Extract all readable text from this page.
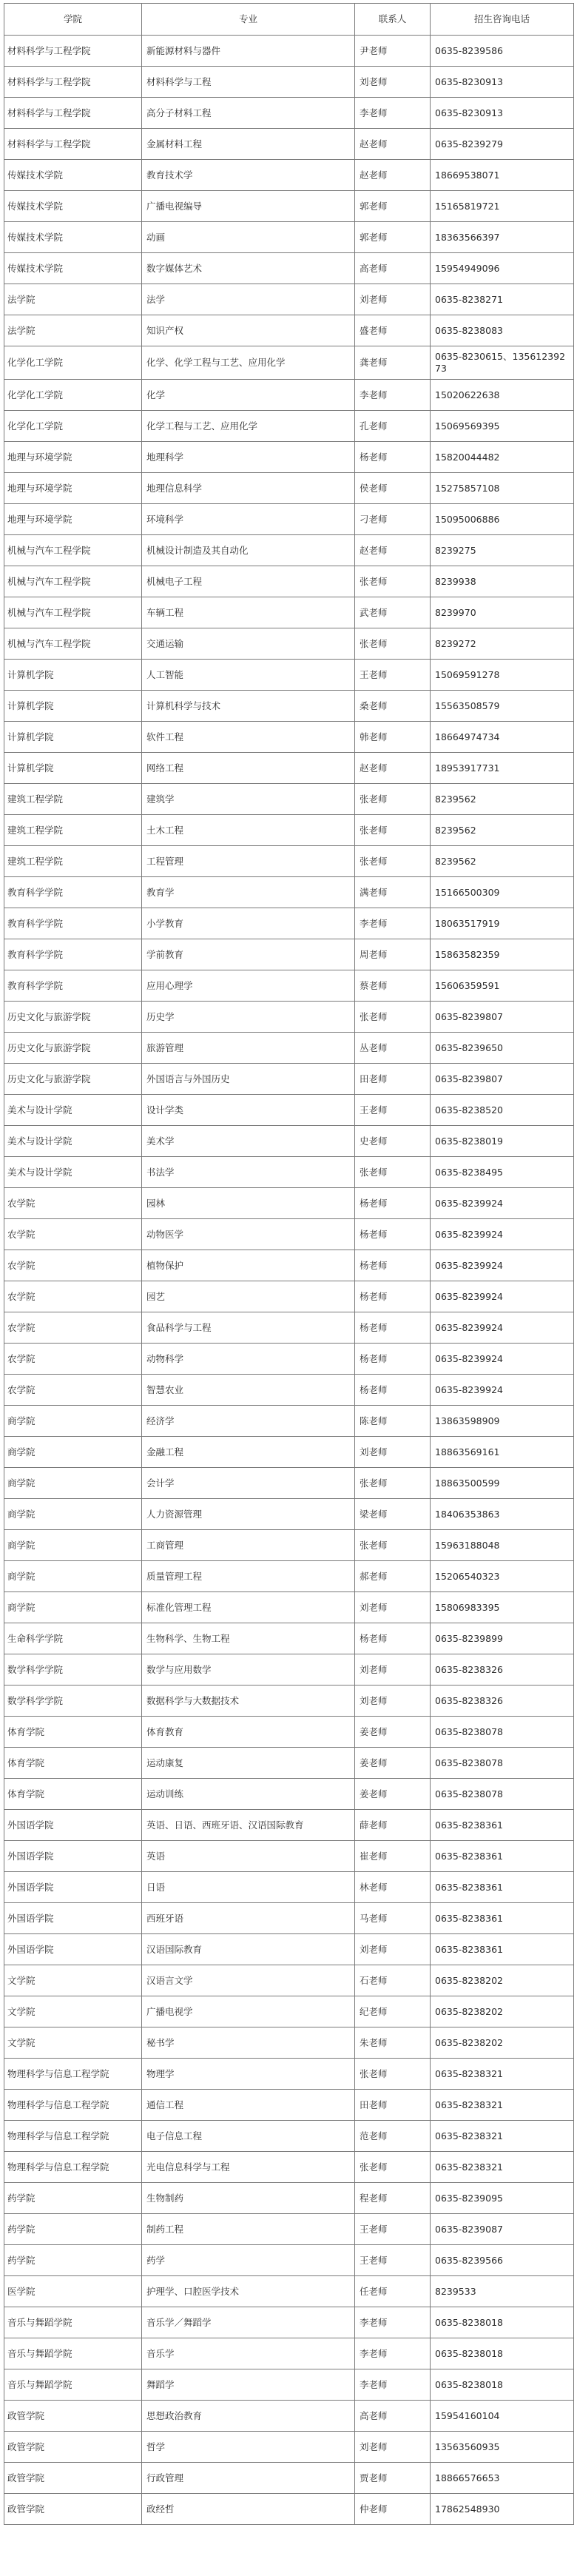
学院	专业	联系人	招生咨询电话
材料科学与工程学院	新能源材料与器件	尹老师	0635-8239586
材料科学与工程学院	材料科学与工程	刘老师	0635-8230913
材料科学与工程学院	高分子材料工程	李老师	0635-8230913
材料科学与工程学院	金属材料工程	赵老师	0635-8239279
传媒技术学院	教育技术学	赵老师	18669538071
传媒技术学院	广播电视编导	郭老师	15165819721
传媒技术学院	动画	郭老师	18363566397
传媒技术学院	数字媒体艺术	高老师	15954949096
法学院	法学	刘老师	0635-8238271
法学院	知识产权	盛老师	0635-8238083
化学化工学院	化学、化学工程与工艺、应用化学	龚老师	0635-8230615、13561239273
化学化工学院	化学	李老师	15020622638
化学化工学院	化学工程与工艺、应用化学	孔老师	15069569395
地理与环境学院	地理科学	杨老师	15820044482
地理与环境学院	地理信息科学	侯老师	15275857108
地理与环境学院	环境科学	刁老师	15095006886
机械与汽车工程学院	机械设计制造及其自动化	赵老师	8239275
机械与汽车工程学院	机械电子工程	张老师	8239938
机械与汽车工程学院	车辆工程	武老师	8239970
机械与汽车工程学院	交通运输	张老师	8239272
计算机学院	人工智能	王老师	15069591278
计算机学院	计算机科学与技术	桑老师	15563508579
计算机学院	软件工程	韩老师	18664974734
计算机学院	网络工程	赵老师	18953917731
建筑工程学院	建筑学	张老师	8239562
建筑工程学院	土木工程	张老师	8239562
建筑工程学院	工程管理	张老师	8239562
教育科学学院	教育学	满老师	15166500309
教育科学学院	小学教育	李老师	18063517919
教育科学学院	学前教育	周老师	15863582359
教育科学学院	应用心理学	蔡老师	15606359591
历史文化与旅游学院	历史学	张老师	0635-8239807
历史文化与旅游学院	旅游管理	丛老师	0635-8239650
历史文化与旅游学院	外国语言与外国历史	田老师	0635-8239807
美术与设计学院	设计学类	王老师	0635-8238520
美术与设计学院	美术学	史老师	0635-8238019
美术与设计学院	书法学	张老师	0635-8238495
农学院	园林	杨老师	0635-8239924
农学院	动物医学	杨老师	0635-8239924
农学院	植物保护	杨老师	0635-8239924
农学院	园艺	杨老师	0635-8239924
农学院	食品科学与工程	杨老师	0635-8239924
农学院	动物科学	杨老师	0635-8239924
农学院	智慧农业	杨老师	0635-8239924
商学院	经济学	陈老师	13863598909
商学院	金融工程	刘老师	18863569161
商学院	会计学	张老师	18863500599
商学院	人力资源管理	梁老师	18406353863
商学院	工商管理	张老师	15963188048
商学院	质量管理工程	郝老师	15206540323
商学院	标准化管理工程	刘老师	15806983395
生命科学学院	生物科学、生物工程	杨老师	0635-8239899
数学科学学院	数学与应用数学	刘老师	0635-8238326
数学科学学院	数据科学与大数据技术	刘老师	0635-8238326
体育学院	体育教育	姜老师	0635-8238078
体育学院	运动康复	姜老师	0635-8238078
体育学院	运动训练	姜老师	0635-8238078
外国语学院	英语、日语、西班牙语、汉语国际教育	薛老师	0635-8238361
外国语学院	英语	崔老师	0635-8238361
外国语学院	日语	林老师	0635-8238361
外国语学院	西班牙语	马老师	0635-8238361
外国语学院	汉语国际教育	刘老师	0635-8238361
文学院	汉语言文学	石老师	0635-8238202
文学院	广播电视学	纪老师	0635-8238202
文学院	秘书学	朱老师	0635-8238202
物理科学与信息工程学院	物理学	张老师	0635-8238321
物理科学与信息工程学院	通信工程	田老师	0635-8238321
物理科学与信息工程学院	电子信息工程	范老师	0635-8238321
物理科学与信息工程学院	光电信息科学与工程	张老师	0635-8238321
药学院	生物制药	程老师	0635-8239095
药学院	制药工程	王老师	0635-8239087
药学院	药学	王老师	0635-8239566
医学院	护理学、口腔医学技术	任老师	8239533
音乐与舞蹈学院	音乐学／舞蹈学	李老师	0635-8238018
音乐与舞蹈学院	音乐学	李老师	0635-8238018
音乐与舞蹈学院	舞蹈学	李老师	0635-8238018
政管学院	思想政治教育	高老师	15954160104
政管学院	哲学	刘老师	13563560935
政管学院	行政管理	贾老师	18866576653
政管学院	政经哲	仲老师	17862548930
